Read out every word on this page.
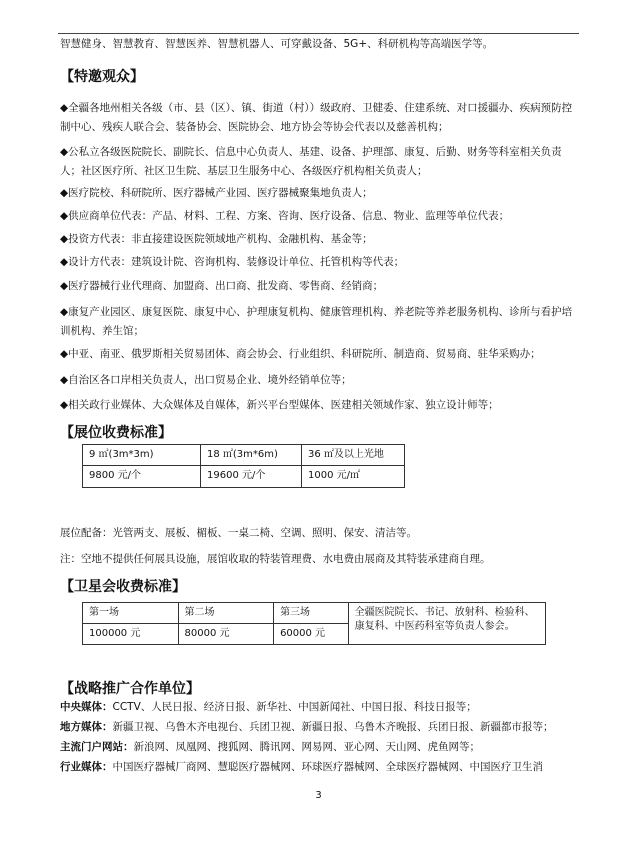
智慧健身、智慧教育、智慧医养、智慧机器人、可穿戴设备、5G+、科研机构等高端医学等。
【特邀观众】
◆全疆各地州相关各级（市、县（区）、镇、街道（村））级政府、卫健委、住建系统、对口援疆办、疾病预防控制中心、残疾人联合会、装备协会、医院协会、地方协会等协会代表以及慈善机构；
◆公私立各级医院院长、副院长、信息中心负责人、基建、设备、护理部、康复、后勤、财务等科室相关负责人；社区医疗所、社区卫生院、基层卫生服务中心、各级医疗机构相关负责人；
◆医疗院校、科研院所、医疗器械产业园、医疗器械聚集地负责人；
◆供应商单位代表：产品、材料、工程、方案、咨询、医疗设备、信息、物业、监理等单位代表；
◆投资方代表：非直接建设医院领域地产机构、金融机构、基金等；
◆设计方代表：建筑设计院、咨询机构、装修设计单位、托管机构等代表；
◆医疗器械行业代理商、加盟商、出口商、批发商、零售商、经销商；
◆康复产业园区、康复医院、康复中心、护理康复机构、健康管理机构、养老院等养老服务机构、诊所与看护培训机构、养生馆；
◆中亚、南亚、俄罗斯相关贸易团体、商会协会、行业组织、科研院所、制造商、贸易商、驻华采购办；
◆自治区各口岸相关负责人，出口贸易企业、境外经销单位等；
◆相关政行业媒体、大众媒体及自媒体，新兴平台型媒体、医建相关领域作家、独立设计师等；
【展位收费标准】
9 ㎡(3m*3m)	18 ㎡(3m*6m)	36 ㎡及以上光地
9800 元/个	19600 元/个	1000 元/㎡
展位配备：光管两支、展板、楣板、一桌二椅、空调、照明、保安、清洁等。
注：空地不提供任何展具设施，展馆收取的特装管理费、水电费由展商及其特装承建商自理。
【卫星会收费标准】
第一场	第二场	第三场	全疆医院院长、书记、放射科、检验科、康复科、中医药科室等负责人参会。
100000 元	80000 元	60000 元	
【战略推广合作单位】
中央媒体：CCTV、人民日报、经济日报、新华社、中国新闻社、中国日报、科技日报等；
地方媒体：新疆卫视、乌鲁木齐电视台、兵团卫视、新疆日报、乌鲁木齐晚报、兵团日报、新疆都市报等；
主流门户网站：新浪网、凤凰网、搜狐网、腾讯网、网易网、亚心网、天山网、虎鱼网等；
行业媒体：中国医疗器械厂商网、慧聪医疗器械网、环球医疗器械网、全球医疗器械网、中国医疗卫生消
3
